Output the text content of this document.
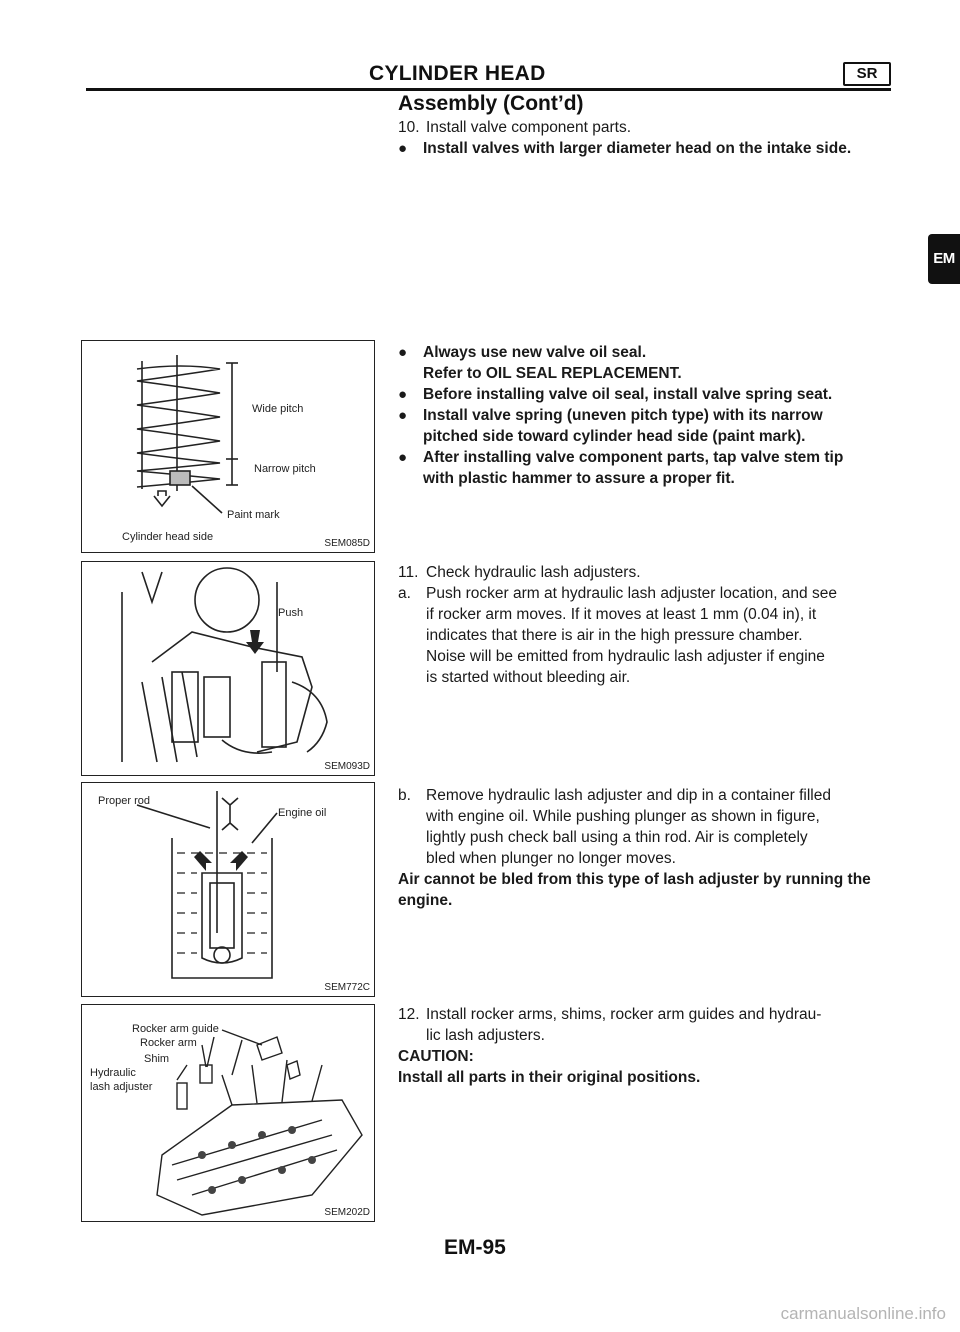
CYLINDER HEAD	SR
Assembly (Cont’d)
EM
10. Install valve component parts.
●	Install valves with larger diameter head on the intake side.
●	Always use new valve oil seal.
Refer to OIL SEAL REPLACEMENT.
●	Before installing valve oil seal, install valve spring seat.
●	Install valve spring (uneven pitch type) with its narrow
pitched side toward cylinder head side (paint mark).
●	After installing valve component parts, tap valve stem tip
with plastic hammer to assure a proper fit.
11. Check hydraulic lash adjusters.
a. Push rocker arm at hydraulic lash adjuster location, and see
if rocker arm moves. If it moves at least 1 mm (0.04 in), it
indicates that there is air in the high pressure chamber.
Noise will be emitted from hydraulic lash adjuster if engine
is started without bleeding air.
b. Remove hydraulic lash adjuster and dip in a container filled
with engine oil. While pushing plunger as shown in figure,
lightly push check ball using a thin rod. Air is completely
bled when plunger no longer moves.
Air cannot be bled from this type of lash adjuster by running the
engine.
12. Install rocker arms, shims, rocker arm guides and hydrau-
lic lash adjusters.
CAUTION:
Install all parts in their original positions.
Wide pitch
Narrow pitch
Paint mark
Cylinder head side
SEM085D
Push
SEM093D
Proper rod
Engine oil
SEM772C
Rocker arm guide
Rocker arm
Shim
Hydraulic
lash adjuster
SEM202D
EM-95
carmanualsonline.info
